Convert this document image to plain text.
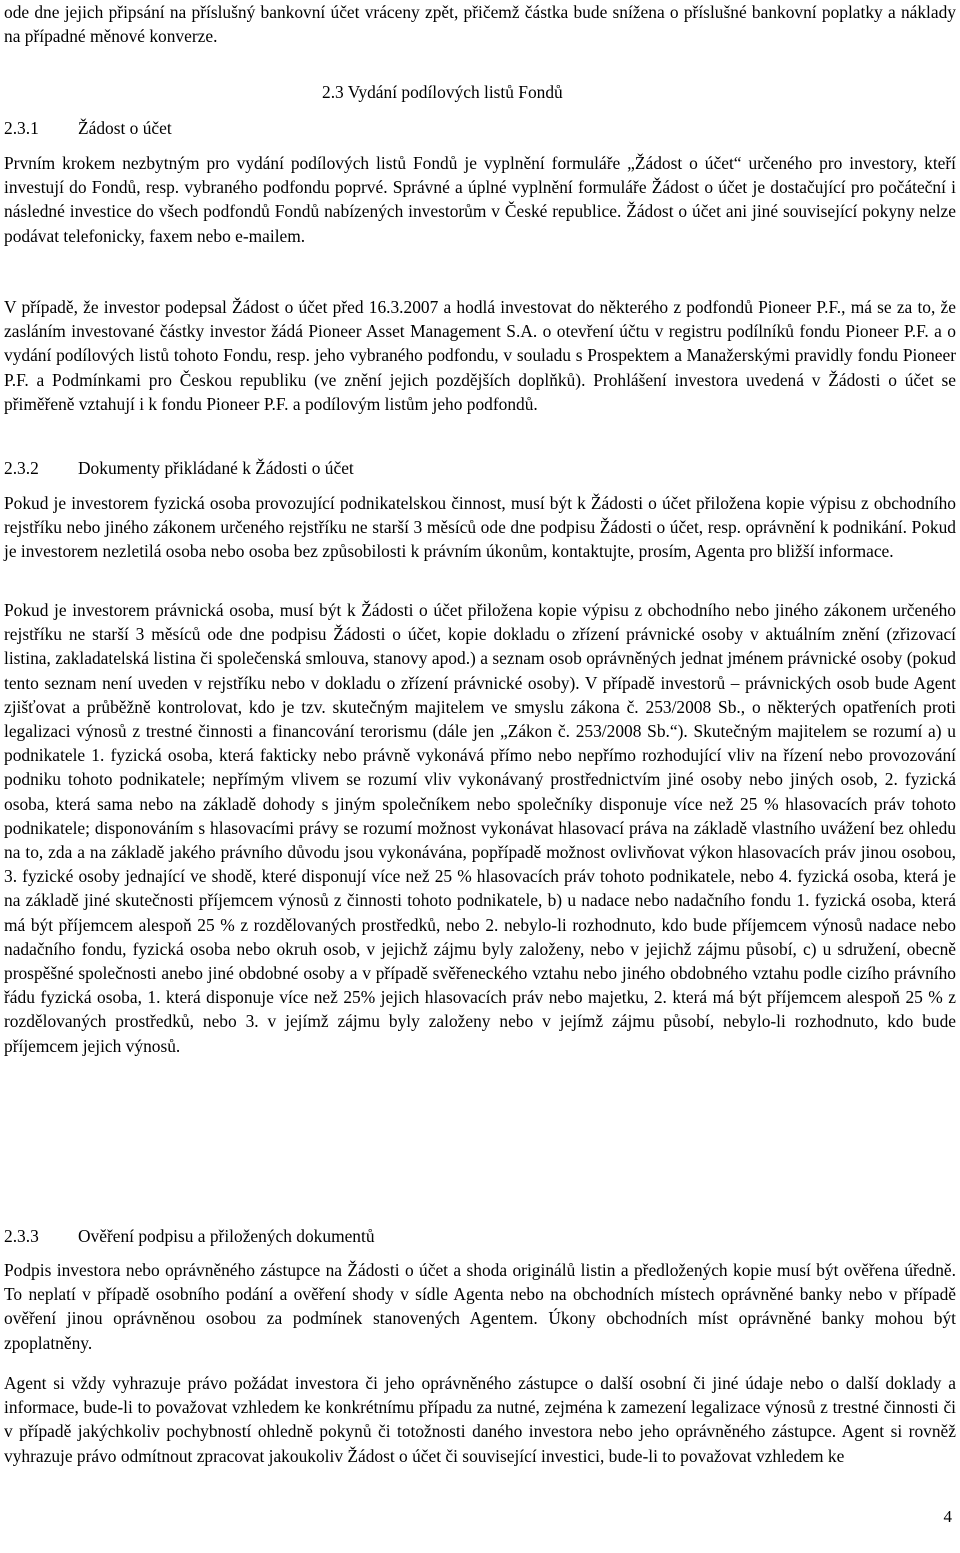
ode dne jejich připsání na příslušný bankovní účet vráceny zpět, přičemž částka bude snížena o příslušné bankovní poplatky a náklady na případné měnové konverze.

2.3 Vydání podílových listů Fondů
2.3.1 Žádost o účet

Prvním krokem nezbytným pro vydání podílových listů Fondů je vyplnění formuláře „Žádost o účet“ určeného pro investory, kteří investují do Fondů, resp. vybraného podfondu poprvé. Správné a úplné vyplnění formuláře Žádost o účet je dostačující pro počáteční i následné investice do všech podfondů Fondů nabízených investorům v České republice. Žádost o účet ani jiné související pokyny nelze podávat telefonicky, faxem nebo e-mailem.

V případě, že investor podepsal Žádost o účet před 16.3.2007 a hodlá investovat do některého z podfondů Pioneer P.F., má se za to, že zasláním investované částky investor žádá Pioneer Asset Management S.A. o otevření účtu v registru podílníků fondu Pioneer P.F. a o vydání podílových listů tohoto Fondu, resp. jeho vybraného podfondu, v souladu s Prospektem a Manažerskými pravidly fondu Pioneer P.F. a Podmínkami pro Českou republiku (ve znění jejich pozdějších doplňků). Prohlášení investora uvedená v Žádosti o účet se přiměřeně vztahují i k fondu Pioneer P.F. a podílovým listům jeho podfondů.

2.3.2 Dokumenty přikládané k Žádosti o účet

Pokud je investorem fyzická osoba provozující podnikatelskou činnost, musí být k Žádosti o účet přiložena kopie výpisu z obchodního rejstříku nebo jiného zákonem určeného rejstříku ne starší 3 měsíců ode dne podpisu Žádosti o účet, resp. oprávnění k podnikání. Pokud je investorem nezletilá osoba nebo osoba bez způsobilosti k právním úkonům, kontaktujte, prosím, Agenta pro bližší informace.

Pokud je investorem právnická osoba, musí být k Žádosti o účet přiložena kopie výpisu z obchodního nebo jiného zákonem určeného rejstříku ne starší 3 měsíců ode dne podpisu Žádosti o účet, kopie dokladu o zřízení právnické osoby v aktuálním znění (zřizovací listina, zakladatelská listina či společenská smlouva, stanovy apod.) a seznam osob oprávněných jednat jménem právnické osoby (pokud tento seznam není uveden v rejstříku nebo v dokladu o zřízení právnické osoby). V případě investorů – právnických osob bude Agent zjišťovat a průběžně kontrolovat, kdo je tzv. skutečným majitelem ve smyslu zákona č. 253/2008 Sb., o některých opatřeních proti legalizaci výnosů z trestné činnosti a financování terorismu (dále jen „Zákon č. 253/2008 Sb.“). Skutečným majitelem se rozumí a) u podnikatele 1. fyzická osoba, která fakticky nebo právně vykonává přímo nebo nepřímo rozhodující vliv na řízení nebo provozování podniku tohoto podnikatele; nepřímým vlivem se rozumí vliv vykonávaný prostřednictvím jiné osoby nebo jiných osob, 2. fyzická osoba, která sama nebo na základě dohody s jiným společníkem nebo společníky disponuje více než 25 % hlasovacích práv tohoto podnikatele; disponováním s hlasovacími právy se rozumí možnost vykonávat hlasovací práva na základě vlastního uvážení bez ohledu na to, zda a na základě jakého právního důvodu jsou vykonávána, popřípadě možnost ovlivňovat výkon hlasovacích práv jinou osobou, 3. fyzické osoby jednající ve shodě, které disponují více než 25 % hlasovacích práv tohoto podnikatele, nebo 4. fyzická osoba, která je na základě jiné skutečnosti příjemcem výnosů z činnosti tohoto podnikatele, b) u nadace nebo nadačního fondu 1. fyzická osoba, která má být příjemcem alespoň 25 % z rozdělovaných prostředků, nebo 2. nebylo-li rozhodnuto, kdo bude příjemcem výnosů nadace nebo nadačního fondu, fyzická osoba nebo okruh osob, v jejichž zájmu byly založeny, nebo v jejichž zájmu působí, c) u sdružení, obecně prospěšné společnosti anebo jiné obdobné osoby a v případě svěřeneckého vztahu nebo jiného obdobného vztahu podle cizího právního řádu fyzická osoba, 1. která disponuje více než 25% jejich hlasovacích práv nebo majetku, 2. která má být příjemcem alespoň 25 % z rozdělovaných prostředků, nebo 3. v jejímž zájmu byly založeny nebo v jejímž zájmu působí, nebylo-li rozhodnuto, kdo bude příjemcem jejich výnosů.

2.3.3 Ověření podpisu a přiložených dokumentů

Podpis investora nebo oprávněného zástupce na Žádosti o účet a shoda originálů listin a předložených kopie musí být ověřena úředně. To neplatí v případě osobního podání a ověření shody v sídle Agenta nebo na obchodních místech oprávněné banky nebo v případě ověření jinou oprávněnou osobou za podmínek stanovených Agentem. Úkony obchodních míst oprávněné banky mohou být zpoplatněny.

Agent si vždy vyhrazuje právo požádat investora či jeho oprávněného zástupce o další osobní či jiné údaje nebo o další doklady a informace, bude-li to považovat vzhledem ke konkrétnímu případu za nutné, zejména k zamezení legalizace výnosů z trestné činnosti či v případě jakýchkoliv pochybností ohledně pokynů či totožnosti daného investora nebo jeho oprávněného zástupce. Agent si rovněž vyhrazuje právo odmítnout zpracovat jakoukoliv Žádost o účet či související investici, bude-li to považovat vzhledem ke

4
